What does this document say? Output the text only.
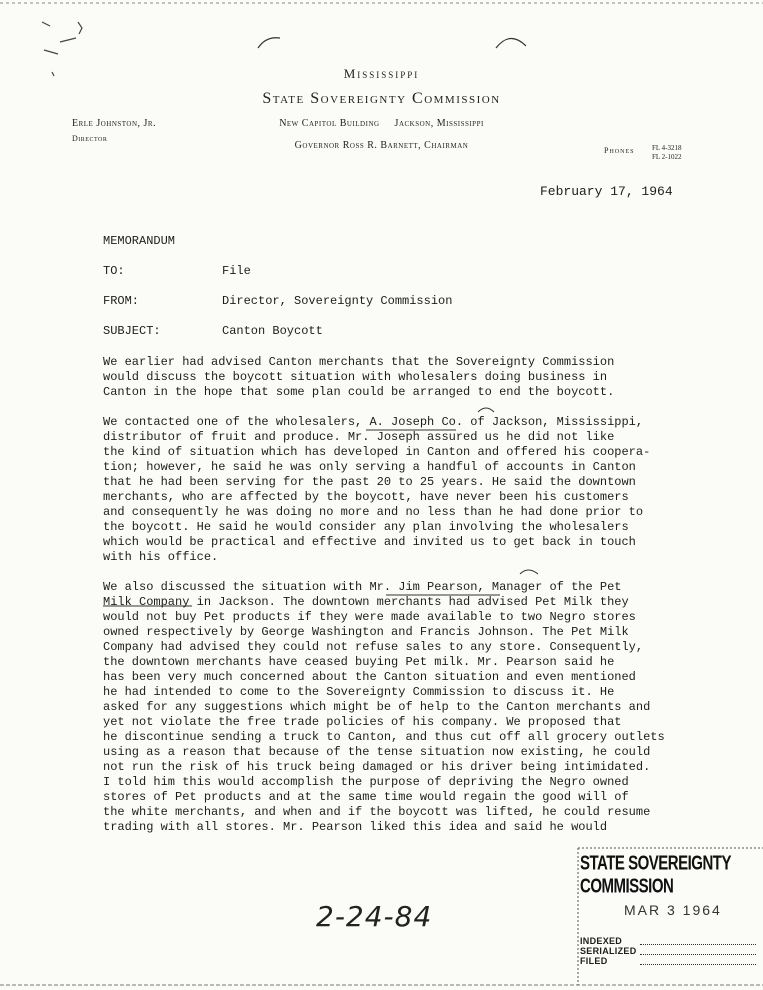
Mississippi
State Sovereignty Commission
New Capitol Building     Jackson, Mississippi
Governor Ross R. Barnett, Chairman
Erle Johnston, Jr.
Director
Phones	FL 4-3218
FL 2-1022
February 17, 1964
MEMORANDUM
TO:	File
FROM:	Director, Sovereignty Commission
SUBJECT:	Canton Boycott
We earlier had advised Canton merchants that the Sovereignty Commission
would discuss the boycott situation with wholesalers doing business in
Canton in the hope that some plan could be arranged to end the boycott.
We contacted one of the wholesalers, A. Joseph Co. of Jackson, Mississippi,
distributor of fruit and produce. Mr. Joseph assured us he did not like
the kind of situation which has developed in Canton and offered his coopera-
tion; however, he said he was only serving a handful of accounts in Canton
that he had been serving for the past 20 to 25 years. He said the downtown
merchants, who are affected by the boycott, have never been his customers
and consequently he was doing no more and no less than he had done prior to
the boycott. He said he would consider any plan involving the wholesalers
which would be practical and effective and invited us to get back in touch
with his office.
We also discussed the situation with Mr. Jim Pearson, Manager of the Pet
Milk Company in Jackson. The downtown merchants had advised Pet Milk they
would not buy Pet products if they were made available to two Negro stores
owned respectively by George Washington and Francis Johnson. The Pet Milk
Company had advised they could not refuse sales to any store. Consequently,
the downtown merchants have ceased buying Pet milk. Mr. Pearson said he
has been very much concerned about the Canton situation and even mentioned
he had intended to come to the Sovereignty Commission to discuss it. He
asked for any suggestions which might be of help to the Canton merchants and
yet not violate the free trade policies of his company. We proposed that
he discontinue sending a truck to Canton, and thus cut off all grocery outlets
using as a reason that because of the tense situation now existing, he could
not run the risk of his truck being damaged or his driver being intimidated.
I told him this would accomplish the purpose of depriving the Negro owned
stores of Pet products and at the same time would regain the good will of
the white merchants, and when and if the boycott was lifted, he could resume
trading with all stores. Mr. Pearson liked this idea and said he would
2-24-84
STATE SOVEREIGNTY COMMISSION
MAR 3 1964
INDEXED
SERIALIZED
FILED
